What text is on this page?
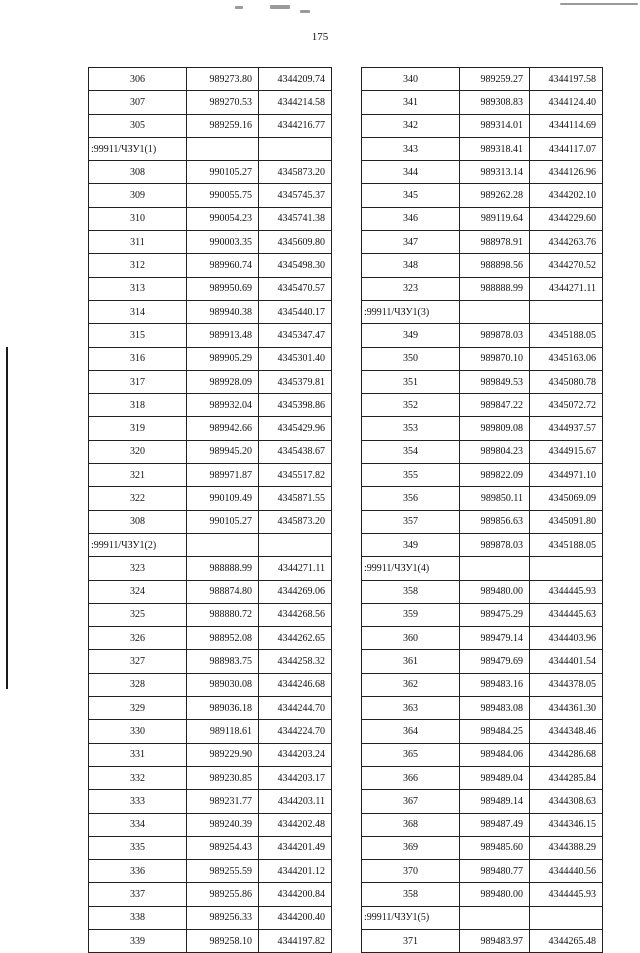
175
306	989273.80	4344209.74
307	989270.53	4344214.58
305	989259.16	4344216.77
:99911/ЧЗУ1(1)		
308	990105.27	4345873.20
309	990055.75	4345745.37
310	990054.23	4345741.38
311	990003.35	4345609.80
312	989960.74	4345498.30
313	989950.69	4345470.57
314	989940.38	4345440.17
315	989913.48	4345347.47
316	989905.29	4345301.40
317	989928.09	4345379.81
318	989932.04	4345398.86
319	989942.66	4345429.96
320	989945.20	4345438.67
321	989971.87	4345517.82
322	990109.49	4345871.55
308	990105.27	4345873.20
:99911/ЧЗУ1(2)		
323	988888.99	4344271.11
324	988874.80	4344269.06
325	988880.72	4344268.56
326	988952.08	4344262.65
327	988983.75	4344258.32
328	989030.08	4344246.68
329	989036.18	4344244.70
330	989118.61	4344224.70
331	989229.90	4344203.24
332	989230.85	4344203.17
333	989231.77	4344203.11
334	989240.39	4344202.48
335	989254.43	4344201.49
336	989255.59	4344201.12
337	989255.86	4344200.84
338	989256.33	4344200.40
339	989258.10	4344197.82
340	989259.27	4344197.58
341	989308.83	4344124.40
342	989314.01	4344114.69
343	989318.41	4344117.07
344	989313.14	4344126.96
345	989262.28	4344202.10
346	989119.64	4344229.60
347	988978.91	4344263.76
348	988898.56	4344270.52
323	988888.99	4344271.11
:99911/ЧЗУ1(3)		
349	989878.03	4345188.05
350	989870.10	4345163.06
351	989849.53	4345080.78
352	989847.22	4345072.72
353	989809.08	4344937.57
354	989804.23	4344915.67
355	989822.09	4344971.10
356	989850.11	4345069.09
357	989856.63	4345091.80
349	989878.03	4345188.05
:99911/ЧЗУ1(4)		
358	989480.00	4344445.93
359	989475.29	4344445.63
360	989479.14	4344403.96
361	989479.69	4344401.54
362	989483.16	4344378.05
363	989483.08	4344361.30
364	989484.25	4344348.46
365	989484.06	4344286.68
366	989489.04	4344285.84
367	989489.14	4344308.63
368	989487.49	4344346.15
369	989485.60	4344388.29
370	989480.77	4344440.56
358	989480.00	4344445.93
:99911/ЧЗУ1(5)		
371	989483.97	4344265.48
